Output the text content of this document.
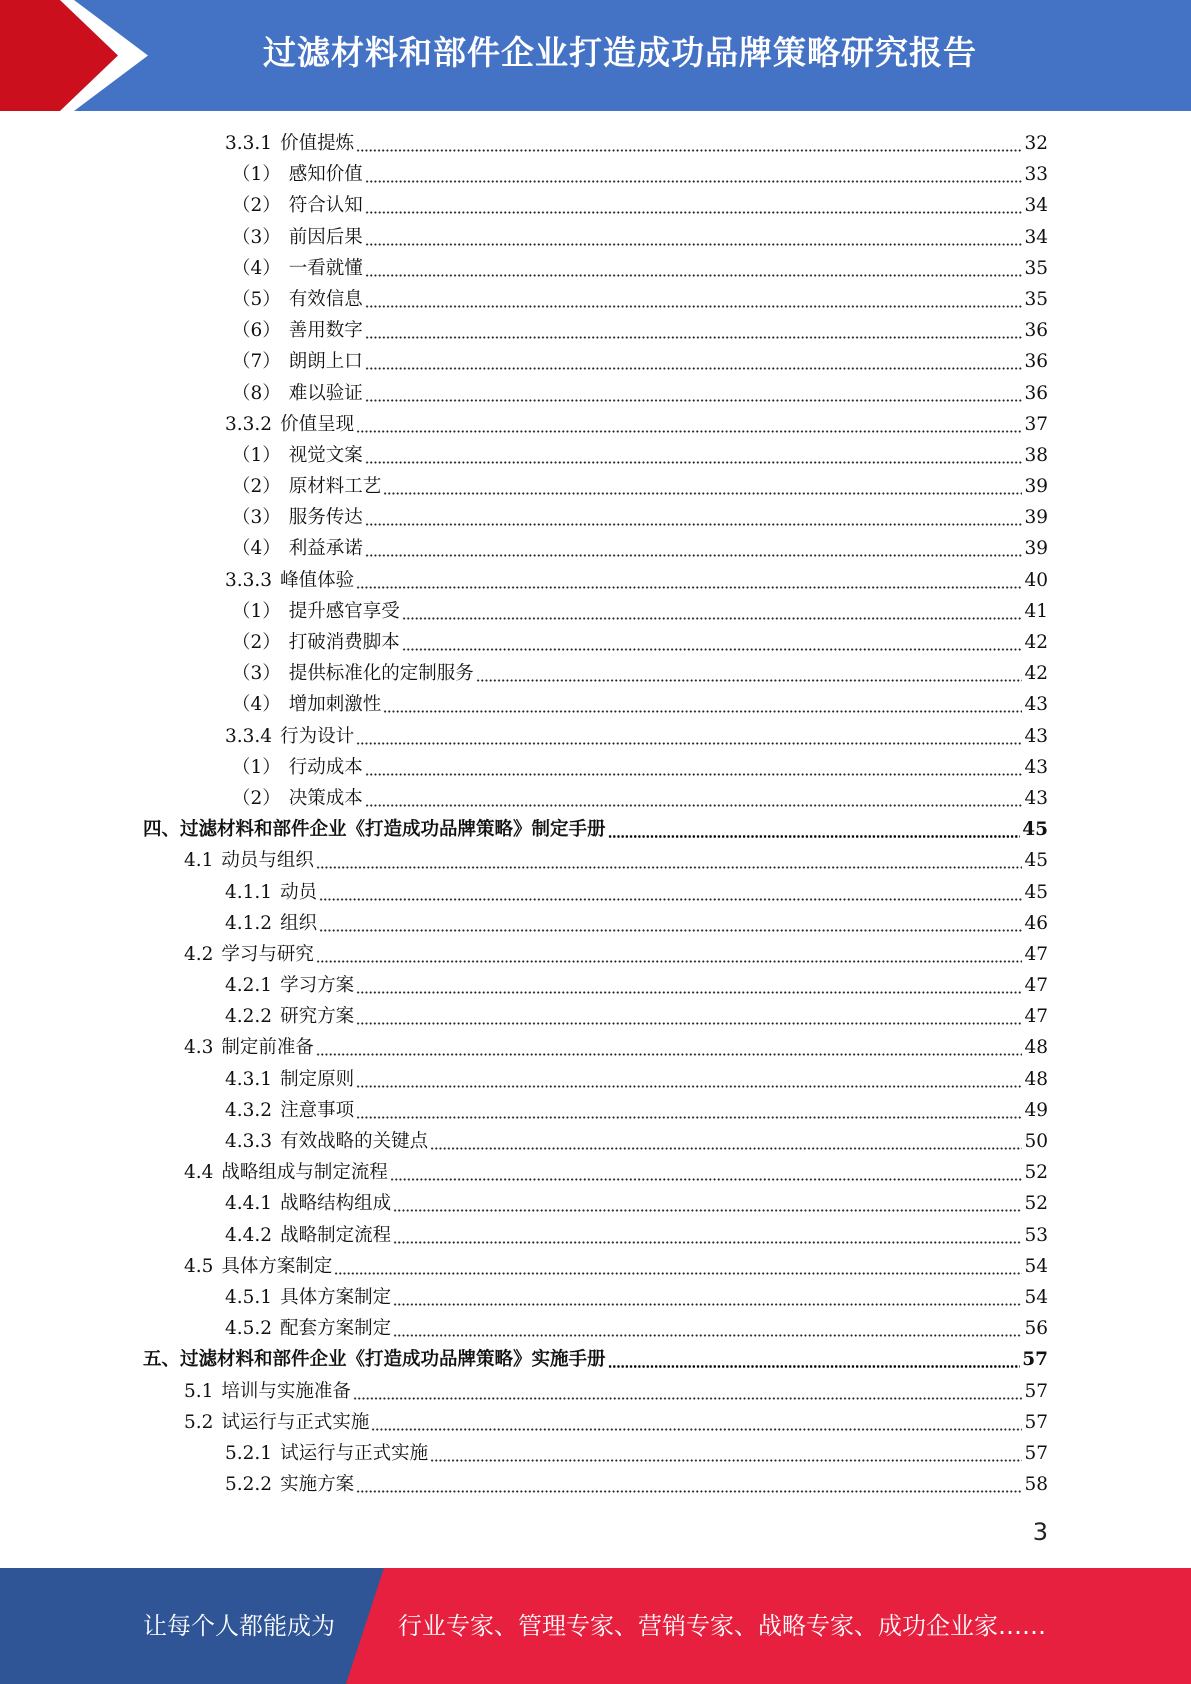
过滤材料和部件企业打造成功品牌策略研究报告
3.3.1 价值提炼	32
（1） 感知价值	33
（2） 符合认知	34
（3） 前因后果	34
（4） 一看就懂	35
（5） 有效信息	35
（6） 善用数字	36
（7） 朗朗上口	36
（8） 难以验证	36
3.3.2 价值呈现	37
（1） 视觉文案	38
（2） 原材料工艺	39
（3） 服务传达	39
（4） 利益承诺	39
3.3.3 峰值体验	40
（1） 提升感官享受	41
（2） 打破消费脚本	42
（3） 提供标准化的定制服务	42
（4） 增加刺激性	43
3.3.4 行为设计	43
（1） 行动成本	43
（2） 决策成本	43
四、过滤材料和部件企业《打造成功品牌策略》制定手册	45
4.1 动员与组织	45
4.1.1 动员	45
4.1.2 组织	46
4.2 学习与研究	47
4.2.1 学习方案	47
4.2.2 研究方案	47
4.3 制定前准备	48
4.3.1 制定原则	48
4.3.2 注意事项	49
4.3.3 有效战略的关键点	50
4.4 战略组成与制定流程	52
4.4.1 战略结构组成	52
4.4.2 战略制定流程	53
4.5 具体方案制定	54
4.5.1 具体方案制定	54
4.5.2 配套方案制定	56
五、过滤材料和部件企业《打造成功品牌策略》实施手册	57
5.1 培训与实施准备	57
5.2 试运行与正式实施	57
5.2.1 试运行与正式实施	57
5.2.2 实施方案	58
3
让每个人都能成为	行业专家、管理专家、营销专家、战略专家、成功企业家……
